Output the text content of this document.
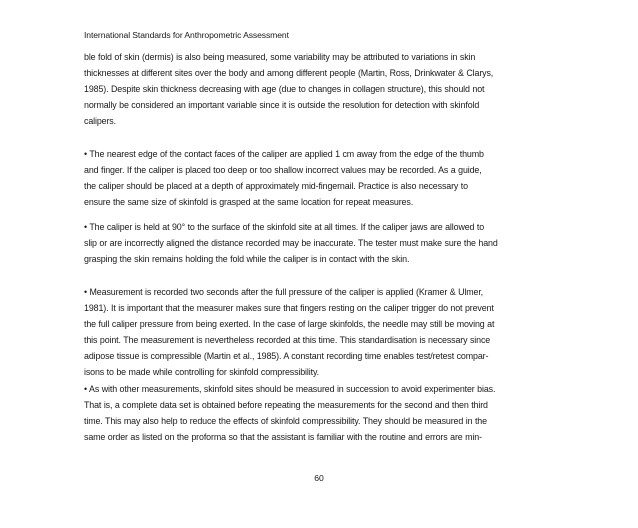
International Standards for Anthropometric Assessment
ble fold of skin (dermis) is also being measured, some variability may be attributed to variations in skin
thicknesses at different sites over the body and among different people (Martin, Ross, Drinkwater & Clarys,
1985). Despite skin thickness decreasing with age (due to changes in collagen structure), this should not
normally be considered an important variable since it is outside the resolution for detection with skinfold
calipers.
• The nearest edge of the contact faces of the caliper are applied 1 cm away from the edge of the thumb
and finger. If the caliper is placed too deep or too shallow incorrect values may be recorded. As a guide,
the caliper should be placed at a depth of approximately mid-fingernail. Practice is also necessary to
ensure the same size of skinfold is grasped at the same location for repeat measures.
• The caliper is held at 90° to the surface of the skinfold site at all times. If the caliper jaws are allowed to
slip or are incorrectly aligned the distance recorded may be inaccurate. The tester must make sure the hand
grasping the skin remains holding the fold while the caliper is in contact with the skin.
• Measurement is recorded two seconds after the full pressure of the caliper is applied (Kramer & Ulmer,
1981). It is important that the measurer makes sure that fingers resting on the caliper trigger do not prevent
the full caliper pressure from being exerted. In the case of large skinfolds, the needle may still be moving at
this point. The measurement is nevertheless recorded at this time. This standardisation is necessary since
adipose tissue is compressible (Martin et al., 1985). A constant recording time enables test/retest compar-
isons to be made while controlling for skinfold compressibility.
• As with other measurements, skinfold sites should be measured in succession to avoid experimenter bias.
That is, a complete data set is obtained before repeating the measurements for the second and then third
time. This may also help to reduce the effects of skinfold compressibility. They should be measured in the
same order as listed on the proforma so that the assistant is familiar with the routine and errors are min-
60
